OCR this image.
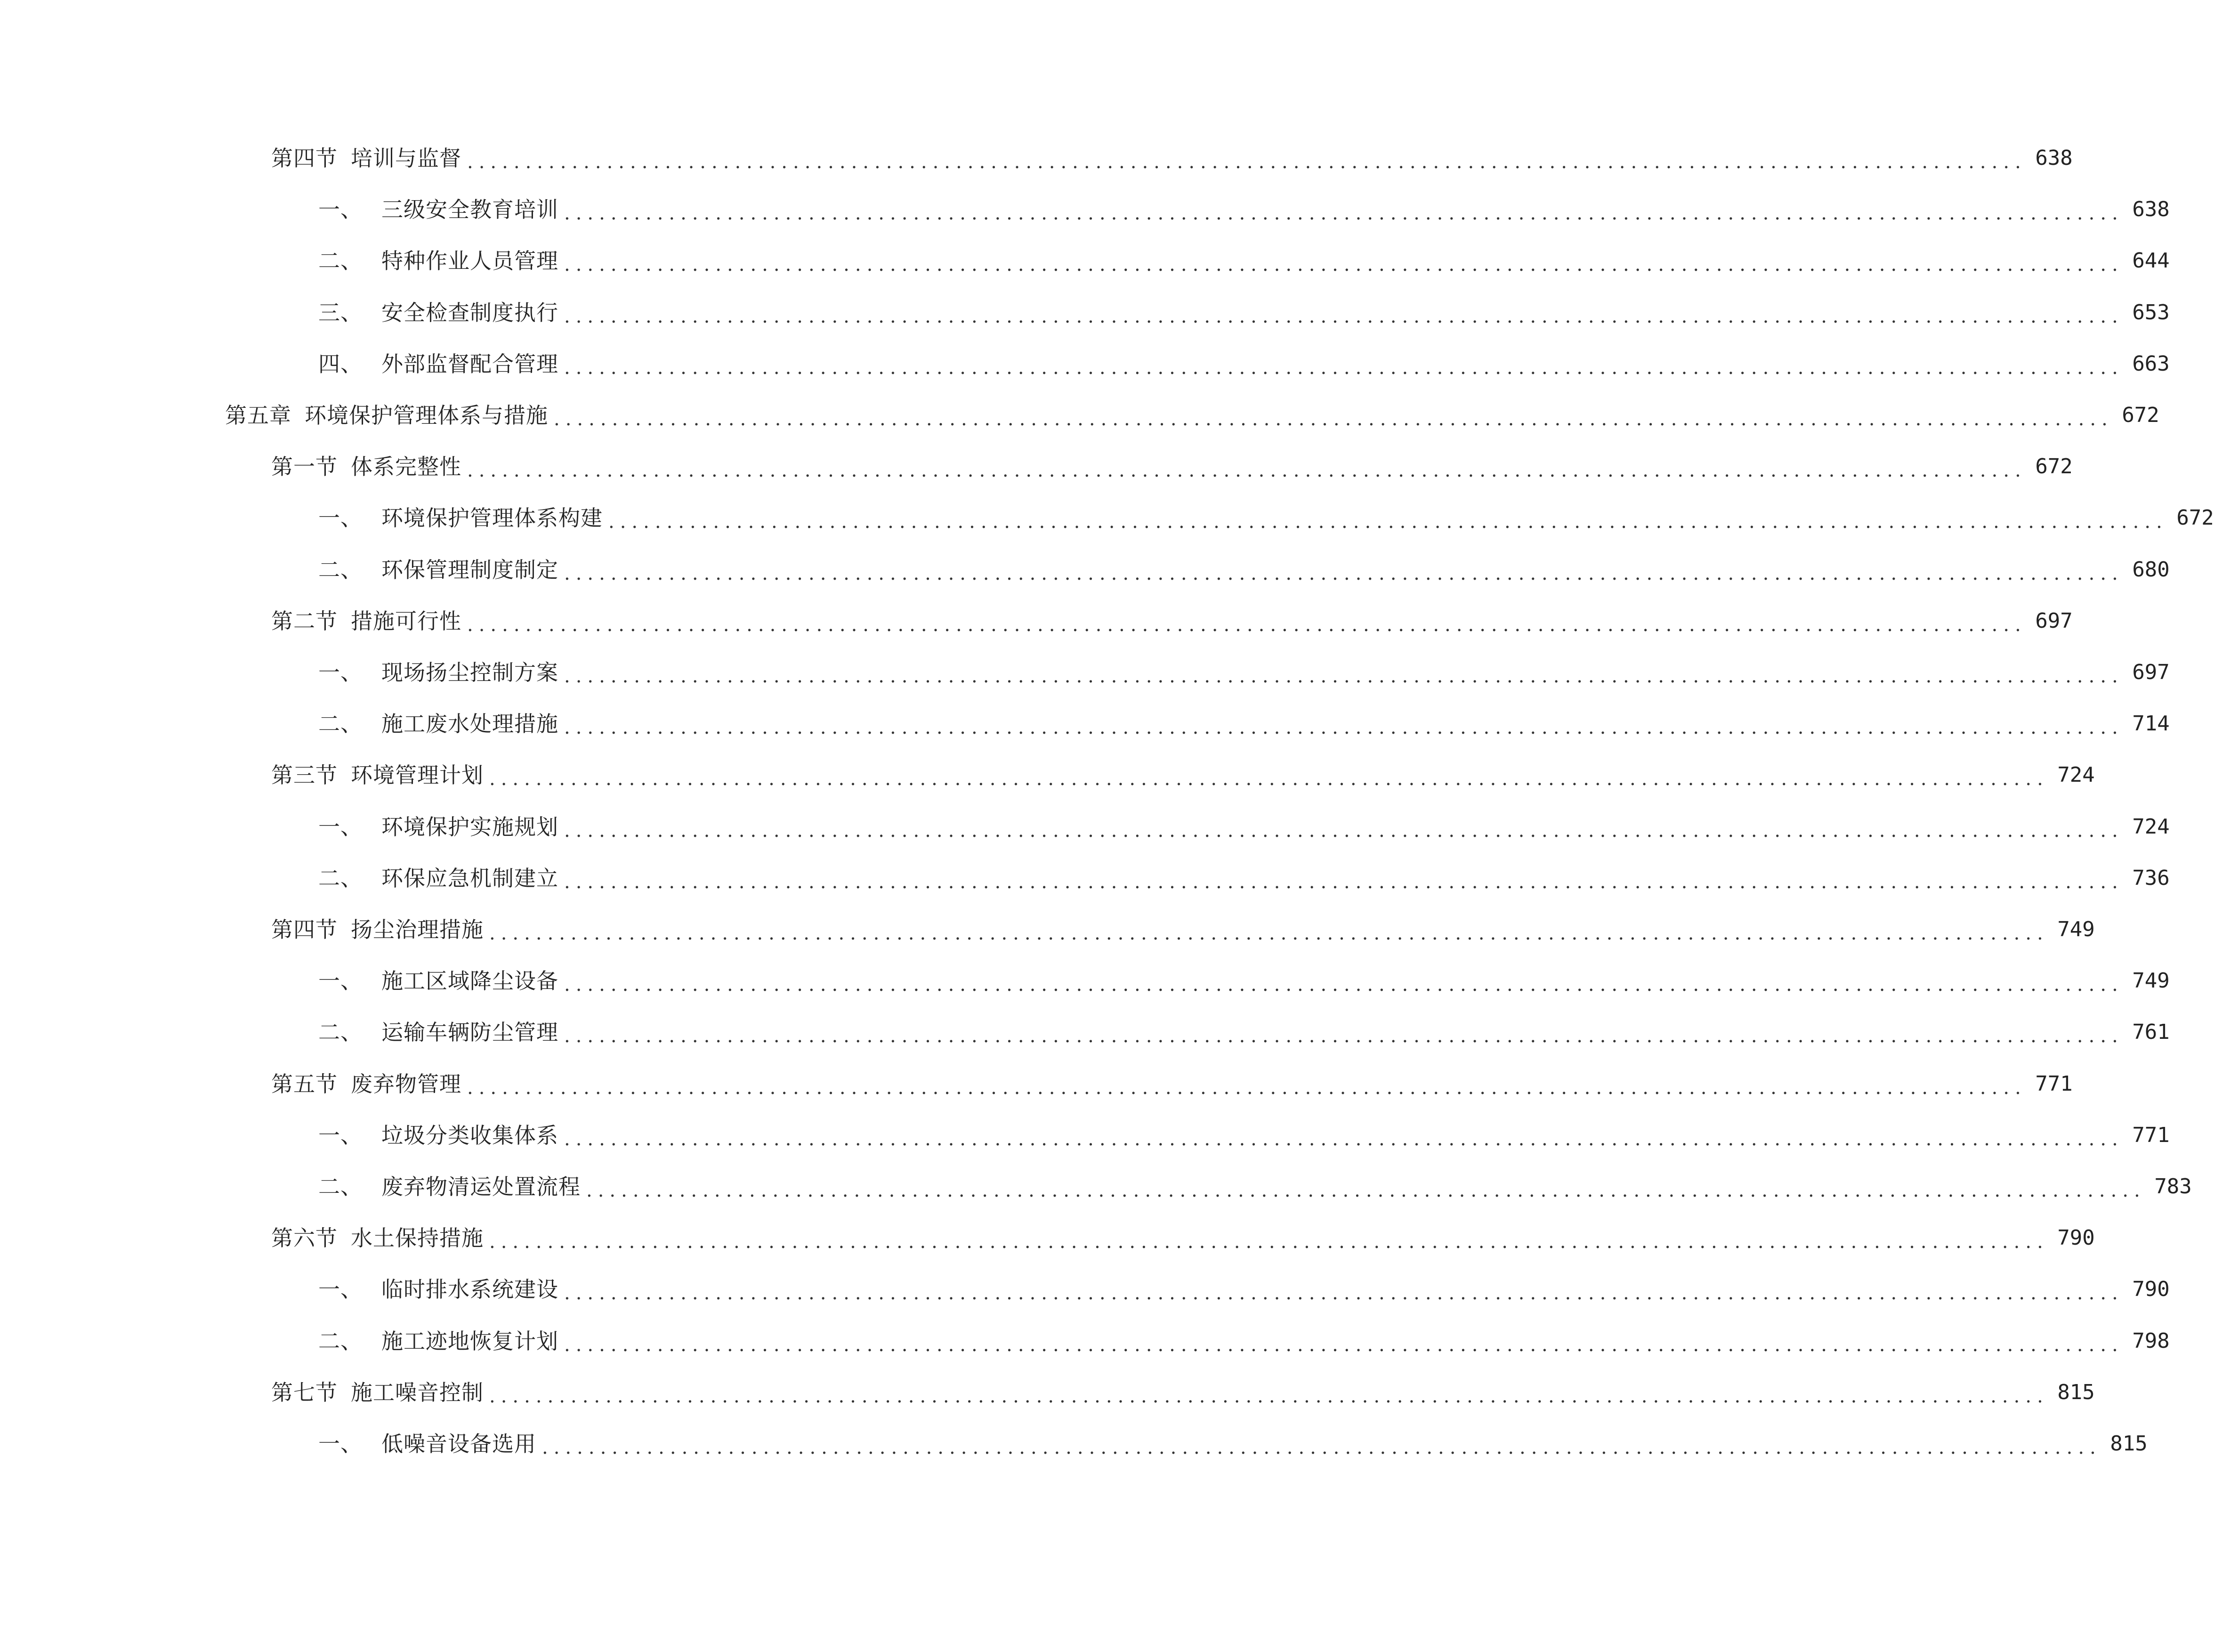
第四节 培训与监督 ...................................................................................................................................... 638
一、 三级安全教育培训 ...................................................................................................................................... 638
二、 特种作业人员管理 ...................................................................................................................................... 644
三、 安全检查制度执行 ...................................................................................................................................... 653
四、 外部监督配合管理 ...................................................................................................................................... 663
第五章 环境保护管理体系与措施 ...................................................................................................................................... 672
第一节 体系完整性 ...................................................................................................................................... 672
一、 环境保护管理体系构建 ...................................................................................................................................... 672
二、 环保管理制度制定 ...................................................................................................................................... 680
第二节 措施可行性 ...................................................................................................................................... 697
一、 现场扬尘控制方案 ...................................................................................................................................... 697
二、 施工废水处理措施 ...................................................................................................................................... 714
第三节 环境管理计划 ...................................................................................................................................... 724
一、 环境保护实施规划 ...................................................................................................................................... 724
二、 环保应急机制建立 ...................................................................................................................................... 736
第四节 扬尘治理措施 ...................................................................................................................................... 749
一、 施工区域降尘设备 ...................................................................................................................................... 749
二、 运输车辆防尘管理 ...................................................................................................................................... 761
第五节 废弃物管理 ...................................................................................................................................... 771
一、 垃圾分类收集体系 ...................................................................................................................................... 771
二、 废弃物清运处置流程 ...................................................................................................................................... 783
第六节 水土保持措施 ...................................................................................................................................... 790
一、 临时排水系统建设 ...................................................................................................................................... 790
二、 施工迹地恢复计划 ...................................................................................................................................... 798
第七节 施工噪音控制 ...................................................................................................................................... 815
一、 低噪音设备选用 ...................................................................................................................................... 815
